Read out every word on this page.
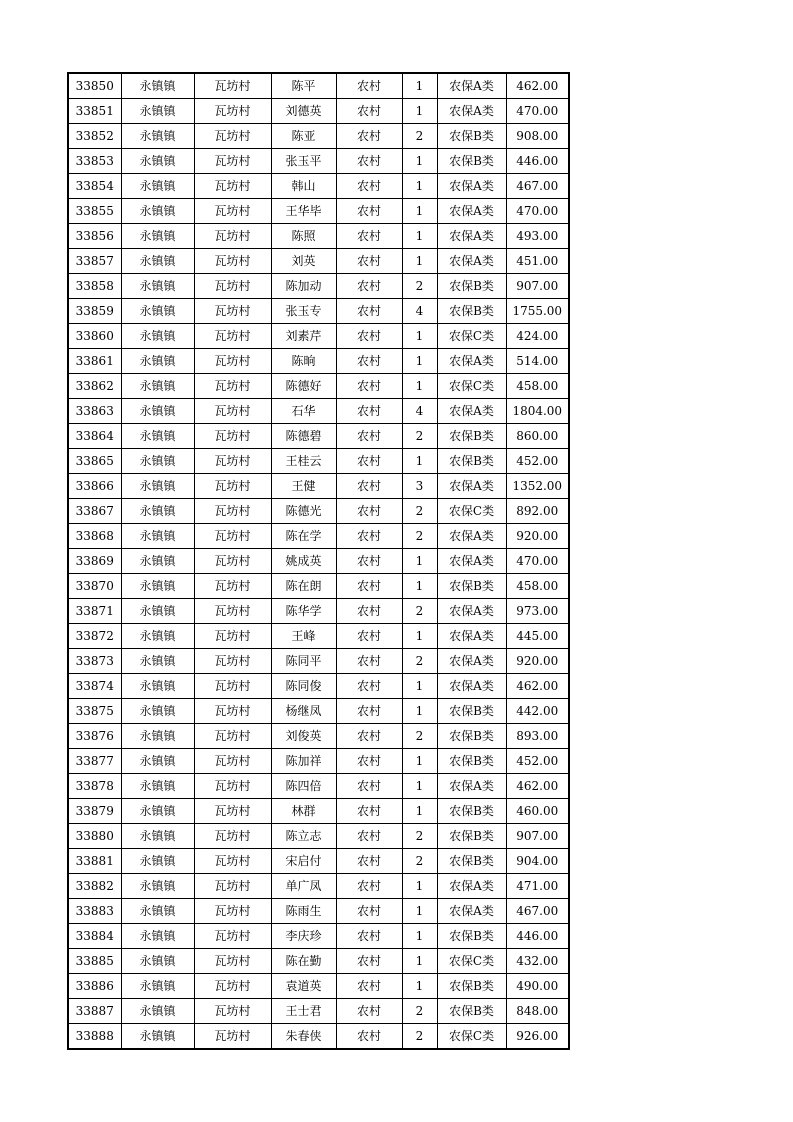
33850	永镇镇	瓦坊村	陈平	农村	1	农保A类	462.00
33851	永镇镇	瓦坊村	刘德英	农村	1	农保A类	470.00
33852	永镇镇	瓦坊村	陈亚	农村	2	农保B类	908.00
33853	永镇镇	瓦坊村	张玉平	农村	1	农保B类	446.00
33854	永镇镇	瓦坊村	韩山	农村	1	农保A类	467.00
33855	永镇镇	瓦坊村	王华毕	农村	1	农保A类	470.00
33856	永镇镇	瓦坊村	陈照	农村	1	农保A类	493.00
33857	永镇镇	瓦坊村	刘英	农村	1	农保A类	451.00
33858	永镇镇	瓦坊村	陈加动	农村	2	农保B类	907.00
33859	永镇镇	瓦坊村	张玉专	农村	4	农保B类	1755.00
33860	永镇镇	瓦坊村	刘素芹	农村	1	农保C类	424.00
33861	永镇镇	瓦坊村	陈晌	农村	1	农保A类	514.00
33862	永镇镇	瓦坊村	陈德好	农村	1	农保C类	458.00
33863	永镇镇	瓦坊村	石华	农村	4	农保A类	1804.00
33864	永镇镇	瓦坊村	陈德碧	农村	2	农保B类	860.00
33865	永镇镇	瓦坊村	王桂云	农村	1	农保B类	452.00
33866	永镇镇	瓦坊村	王健	农村	3	农保A类	1352.00
33867	永镇镇	瓦坊村	陈德光	农村	2	农保C类	892.00
33868	永镇镇	瓦坊村	陈在学	农村	2	农保A类	920.00
33869	永镇镇	瓦坊村	姚成英	农村	1	农保A类	470.00
33870	永镇镇	瓦坊村	陈在朗	农村	1	农保B类	458.00
33871	永镇镇	瓦坊村	陈华学	农村	2	农保A类	973.00
33872	永镇镇	瓦坊村	王峰	农村	1	农保A类	445.00
33873	永镇镇	瓦坊村	陈同平	农村	2	农保A类	920.00
33874	永镇镇	瓦坊村	陈同俊	农村	1	农保A类	462.00
33875	永镇镇	瓦坊村	杨继凤	农村	1	农保B类	442.00
33876	永镇镇	瓦坊村	刘俊英	农村	2	农保B类	893.00
33877	永镇镇	瓦坊村	陈加祥	农村	1	农保B类	452.00
33878	永镇镇	瓦坊村	陈四倍	农村	1	农保A类	462.00
33879	永镇镇	瓦坊村	林群	农村	1	农保B类	460.00
33880	永镇镇	瓦坊村	陈立志	农村	2	农保B类	907.00
33881	永镇镇	瓦坊村	宋启付	农村	2	农保B类	904.00
33882	永镇镇	瓦坊村	单广凤	农村	1	农保A类	471.00
33883	永镇镇	瓦坊村	陈雨生	农村	1	农保A类	467.00
33884	永镇镇	瓦坊村	李庆珍	农村	1	农保B类	446.00
33885	永镇镇	瓦坊村	陈在勤	农村	1	农保C类	432.00
33886	永镇镇	瓦坊村	袁道英	农村	1	农保B类	490.00
33887	永镇镇	瓦坊村	王士君	农村	2	农保B类	848.00
33888	永镇镇	瓦坊村	朱春侠	农村	2	农保C类	926.00
